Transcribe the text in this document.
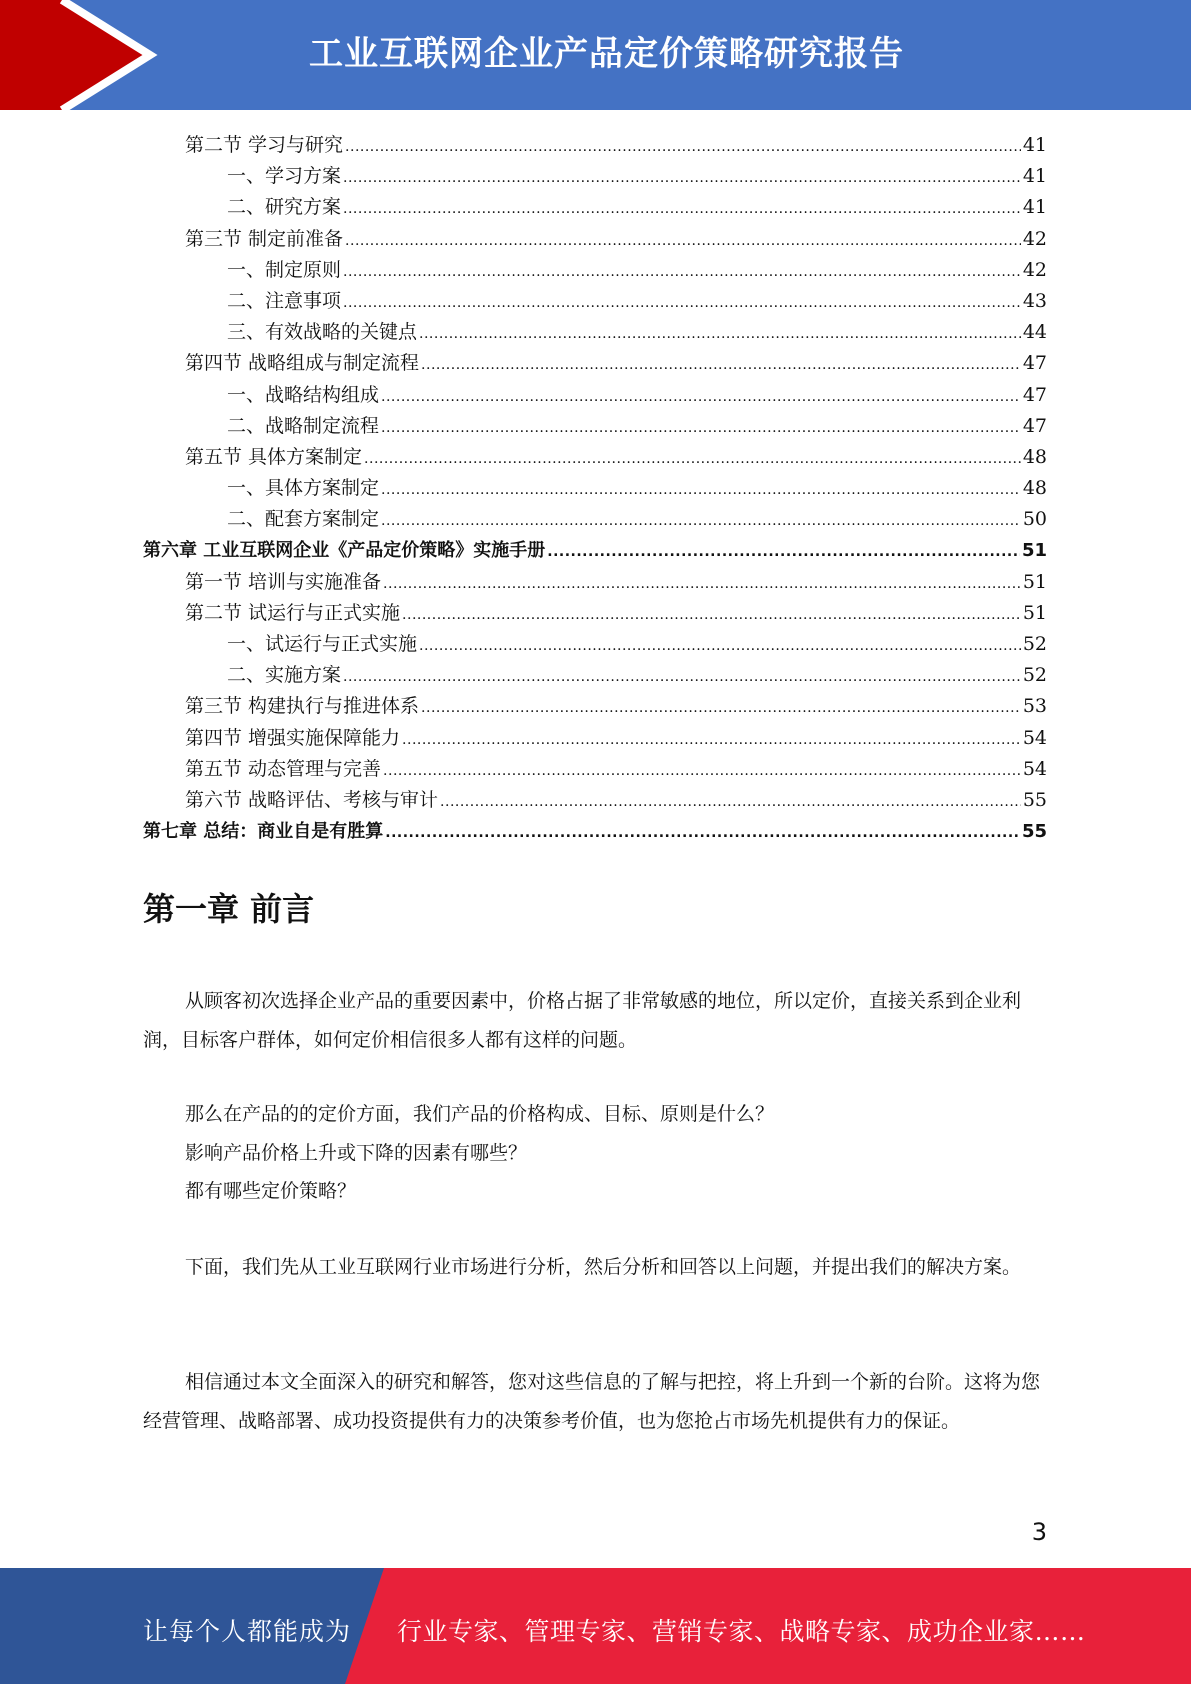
工业互联网企业产品定价策略研究报告
第二节 学习与研究 .....	41
一、学习方案 .....	41
二、研究方案 .....	41
第三节 制定前准备 .....	42
一、制定原则 .....	42
二、注意事项 .....	43
三、有效战略的关键点 .....	44
第四节 战略组成与制定流程 .....	47
一、战略结构组成 .....	47
二、战略制定流程 .....	47
第五节 具体方案制定 .....	48
一、具体方案制定 .....	48
二、配套方案制定 .....	50
第六章 工业互联网企业《产品定价策略》实施手册 .....	51
第一节 培训与实施准备 .....	51
第二节 试运行与正式实施 .....	51
一、试运行与正式实施 .....	52
二、实施方案 .....	52
第三节 构建执行与推进体系 .....	53
第四节 增强实施保障能力 .....	54
第五节 动态管理与完善 .....	54
第六节 战略评估、考核与审计 .....	55
第七章 总结：商业自是有胜算 .....	55
第一章 前言
从顾客初次选择企业产品的重要因素中，价格占据了非常敏感的地位，所以定价，直接关系到企业利润，目标客户群体，如何定价相信很多人都有这样的问题。
那么在产品的的定价方面，我们产品的价格构成、目标、原则是什么？
影响产品价格上升或下降的因素有哪些？
都有哪些定价策略？
下面，我们先从工业互联网行业市场进行分析，然后分析和回答以上问题，并提出我们的解决方案。
相信通过本文全面深入的研究和解答，您对这些信息的了解与把控，将上升到一个新的台阶。这将为您经营管理、战略部署、成功投资提供有力的决策参考价值，也为您抢占市场先机提供有力的保证。
3
让每个人都能成为 行业专家、管理专家、营销专家、战略专家、成功企业家……
